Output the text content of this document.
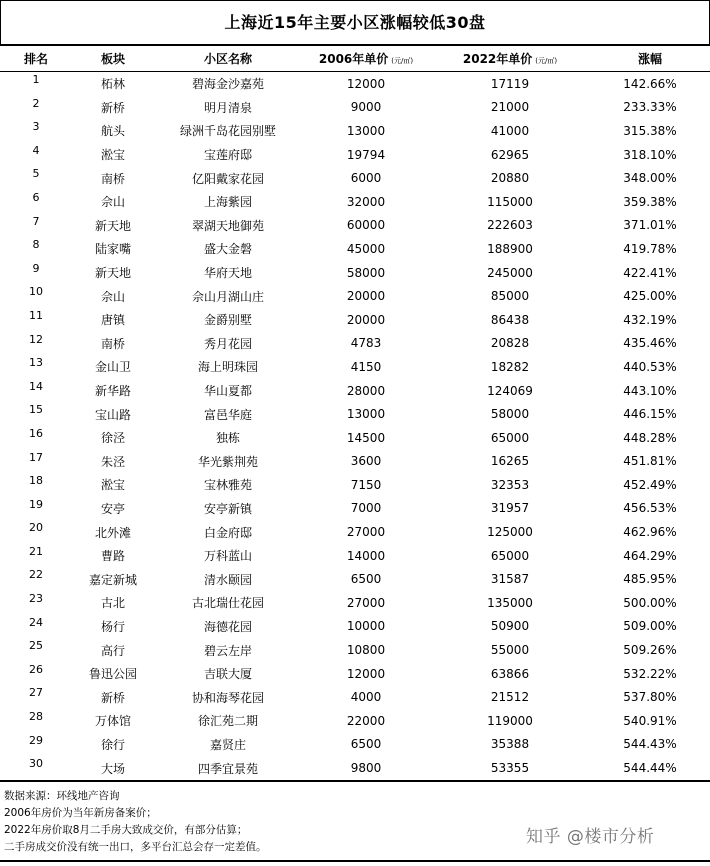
上海近15年主要小区涨幅较低30盘
排名	板块	小区名称	2006年单价 (元/㎡)	2022年单价 (元/㎡)	涨幅
1	柘林	碧海金沙嘉苑	12000	17119	142.66%
2	新桥	明月清泉	9000	21000	233.33%
3	航头	绿洲千岛花园别墅	13000	41000	315.38%
4	淞宝	宝莲府邸	19794	62965	318.10%
5	南桥	亿阳戴家花园	6000	20880	348.00%
6	佘山	上海紫园	32000	115000	359.38%
7	新天地	翠湖天地御苑	60000	222603	371.01%
8	陆家嘴	盛大金磐	45000	188900	419.78%
9	新天地	华府天地	58000	245000	422.41%
10	佘山	佘山月湖山庄	20000	85000	425.00%
11	唐镇	金爵别墅	20000	86438	432.19%
12	南桥	秀月花园	4783	20828	435.46%
13	金山卫	海上明珠园	4150	18282	440.53%
14	新华路	华山夏都	28000	124069	443.10%
15	宝山路	富邑华庭	13000	58000	446.15%
16	徐泾	独栋	14500	65000	448.28%
17	朱泾	华光紫荆苑	3600	16265	451.81%
18	淞宝	宝林雅苑	7150	32353	452.49%
19	安亭	安亭新镇	7000	31957	456.53%
20	北外滩	白金府邸	27000	125000	462.96%
21	曹路	万科蓝山	14000	65000	464.29%
22	嘉定新城	清水颐园	6500	31587	485.95%
23	古北	古北瑞仕花园	27000	135000	500.00%
24	杨行	海德花园	10000	50900	509.00%
25	高行	碧云左岸	10800	55000	509.26%
26	鲁迅公园	吉联大厦	12000	63866	532.22%
27	新桥	协和海琴花园	4000	21512	537.80%
28	万体馆	徐汇苑二期	22000	119000	540.91%
29	徐行	嘉贤庄	6500	35388	544.43%
30	大场	四季宜景苑	9800	53355	544.44%
数据来源：环线地产咨询
2006年房价为当年新房备案价；
2022年房价取8月二手房大致成交价，有部分估算；
二手房成交价没有统一出口，多平台汇总会存一定差值。	知乎 @楼市分析
